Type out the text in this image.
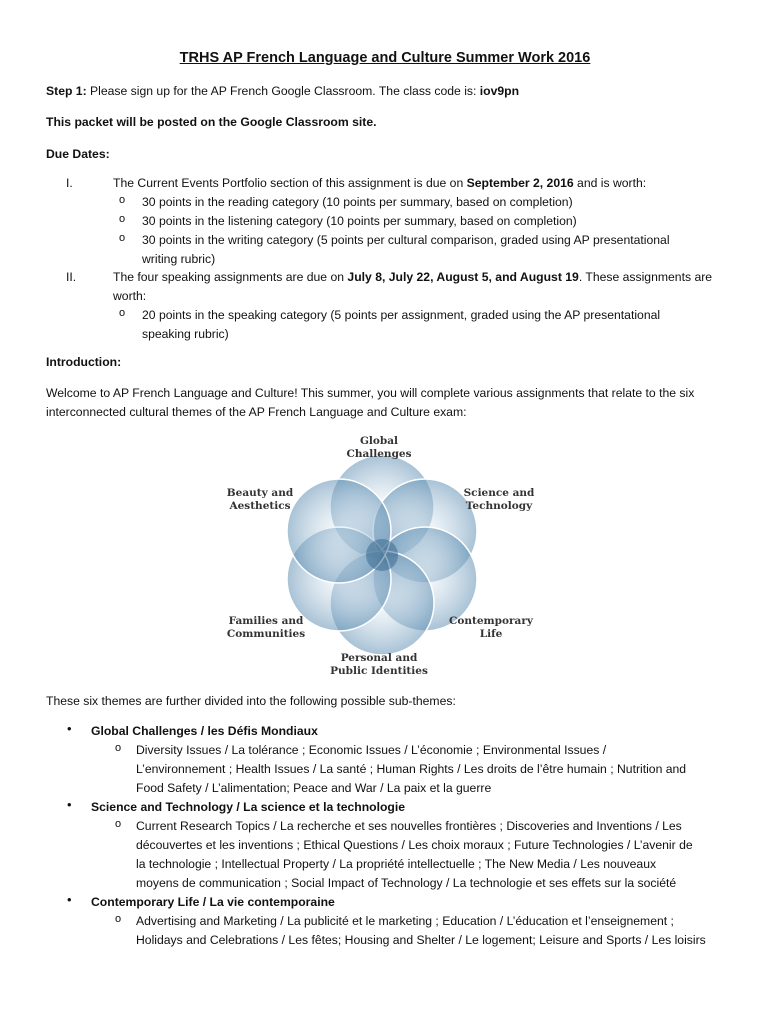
TRHS AP French Language and Culture Summer Work 2016
Step 1: Please sign up for the AP French Google Classroom. The class code is: iov9pn
This packet will be posted on the Google Classroom site.
Due Dates:
I.	The Current Events Portfolio section of this assignment is due on September 2, 2016 and is worth:
o 30 points in the reading category (10 points per summary, based on completion)
o 30 points in the listening category (10 points per summary, based on completion)
o 30 points in the writing category (5 points per cultural comparison, graded using AP presentational
writing rubric)
II.	The four speaking assignments are due on July 8, July 22, August 5, and August 19. These assignments are
worth:
o 20 points in the speaking category (5 points per assignment, graded using the AP presentational
speaking rubric)
Introduction:
Welcome to AP French Language and Culture! This summer, you will complete various assignments that relate to the six
interconnected cultural themes of the AP French Language and Culture exam:
Global
Challenges
Science and
Technology
Contemporary
Life
Personal and
Public Identities
Families and
Communities
Beauty and
Aesthetics
These six themes are further divided into the following possible sub-themes:
• Global Challenges / les Défis Mondiaux
o Diversity Issues / La tolérance ; Economic Issues / L’économie ; Environmental Issues /
L’environnement ; Health Issues / La santé ; Human Rights / Les droits de l’être humain ; Nutrition and
Food Safety / L’alimentation; Peace and War / La paix et la guerre
• Science and Technology / La science et la technologie
o Current Research Topics / La recherche et ses nouvelles frontières ; Discoveries and Inventions / Les
découvertes et les inventions ; Ethical Questions / Les choix moraux ; Future Technologies / L’avenir de
la technologie ; Intellectual Property / La propriété intellectuelle ; The New Media / Les nouveaux
moyens de communication ; Social Impact of Technology / La technologie et ses effets sur la société
• Contemporary Life / La vie contemporaine
o Advertising and Marketing / La publicité et le marketing ; Education / L’éducation et l’enseignement ;
Holidays and Celebrations / Les fêtes; Housing and Shelter / Le logement; Leisure and Sports / Les loisirs
